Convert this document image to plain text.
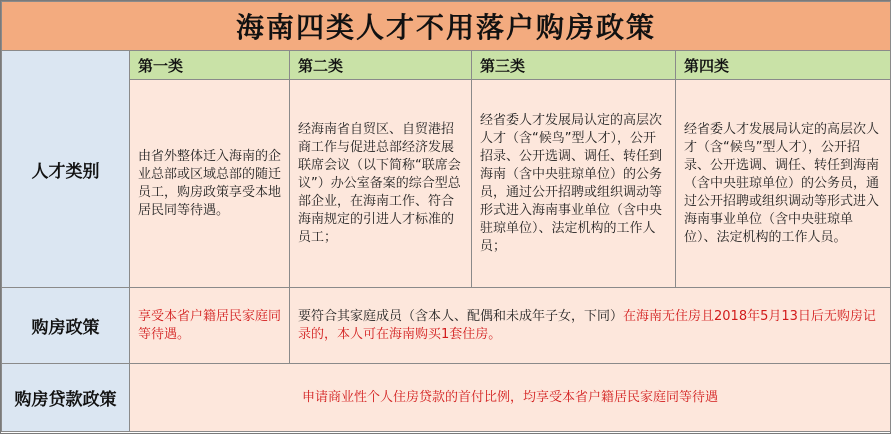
海南四类人才不用落户购房政策				
人才类别	第一类	第二类	第三类	第四类
	由省外整体迁入海南的企业总部或区域总部的随迁员工，购房政策享受本地居民同等待遇。	经海南省自贸区、自贸港招商工作与促进总部经济发展联席会议（以下简称“联席会议”）办公室备案的综合型总部企业，在海南工作、符合海南规定的引进人才标准的员工；	经省委人才发展局认定的高层次人才（含“候鸟”型人才），公开招录、公开选调、调任、转任到海南（含中央驻琼单位）的公务员，通过公开招聘或组织调动等形式进入海南事业单位（含中央驻琼单位）、法定机构的工作人员；	经省委人才发展局认定的高层次人才（含“候鸟”型人才），公开招录、公开选调、调任、转任到海南（含中央驻琼单位）的公务员，通过公开招聘或组织调动等形式进入海南事业单位（含中央驻琼单位）、法定机构的工作人员。
购房政策	享受本省户籍居民家庭同等待遇。	要符合其家庭成员（含本人、配偶和未成年子女，下同）在海南无住房且2018年5月13日后无购房记录的，本人可在海南购买1套住房。		
购房贷款政策	申请商业性个人住房贷款的首付比例，均享受本省户籍居民家庭同等待遇			
